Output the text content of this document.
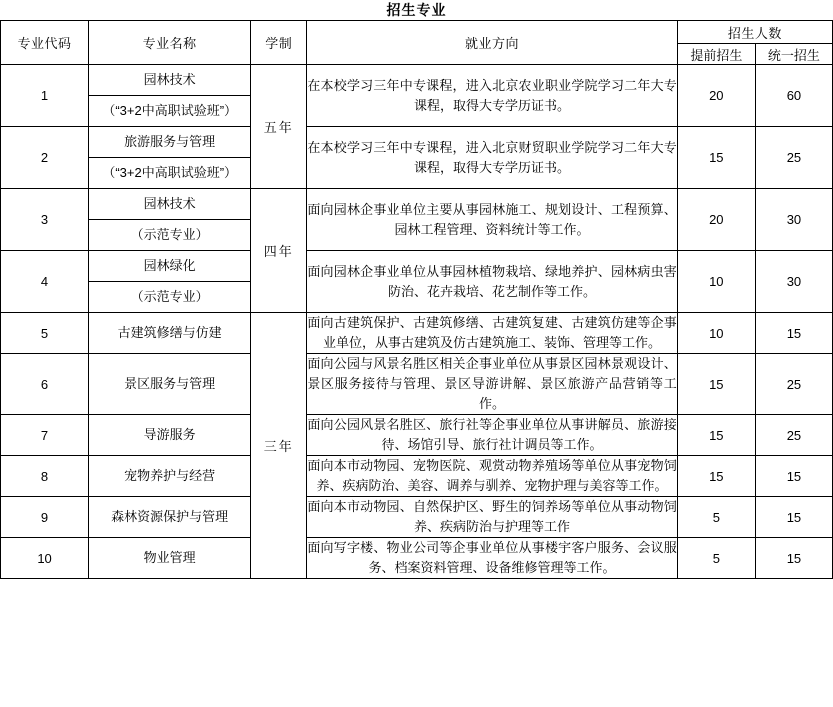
招生专业
专业代码	专业名称	学制	就业方向	招生人数	
				提前招生	统一招生
1	园林技术	五年	在本校学习三年中专课程，进入北京农业职业学院学习二年大专课程，取得大专学历证书。	20	60
	（“3+2中高职试验班”）				
2	旅游服务与管理		在本校学习三年中专课程，进入北京财贸职业学院学习二年大专课程，取得大专学历证书。	15	25
	（“3+2中高职试验班”）				
3	园林技术	四年	面向园林企事业单位主要从事园林施工、规划设计、工程预算、园林工程管理、资料统计等工作。	20	30
	（示范专业）				
4	园林绿化		面向园林企事业单位从事园林植物栽培、绿地养护、园林病虫害防治、花卉栽培、花艺制作等工作。	10	30
	（示范专业）				
5	古建筑修缮与仿建	三年	面向古建筑保护、古建筑修缮、古建筑复建、古建筑仿建等企事业单位，从事古建筑及仿古建筑施工、装饰、管理等工作。	10	15
6	景区服务与管理		面向公园与风景名胜区相关企事业单位从事景区园林景观设计、景区服务接待与管理、景区导游讲解、景区旅游产品营销等工作。	15	25
7	导游服务		面向公园风景名胜区、旅行社等企事业单位从事讲解员、旅游接待、场馆引导、旅行社计调员等工作。	15	25
8	宠物养护与经营		面向本市动物园、宠物医院、观赏动物养殖场等单位从事宠物饲养、疾病防治、美容、调养与驯养、宠物护理与美容等工作。	15	15
9	森林资源保护与管理		面向本市动物园、自然保护区、野生的饲养场等单位从事动物饲养、疾病防治与护理等工作	5	15
10	物业管理		面向写字楼、物业公司等企事业单位从事楼宇客户服务、会议服务、档案资料管理、设备维修管理等工作。	5	15
